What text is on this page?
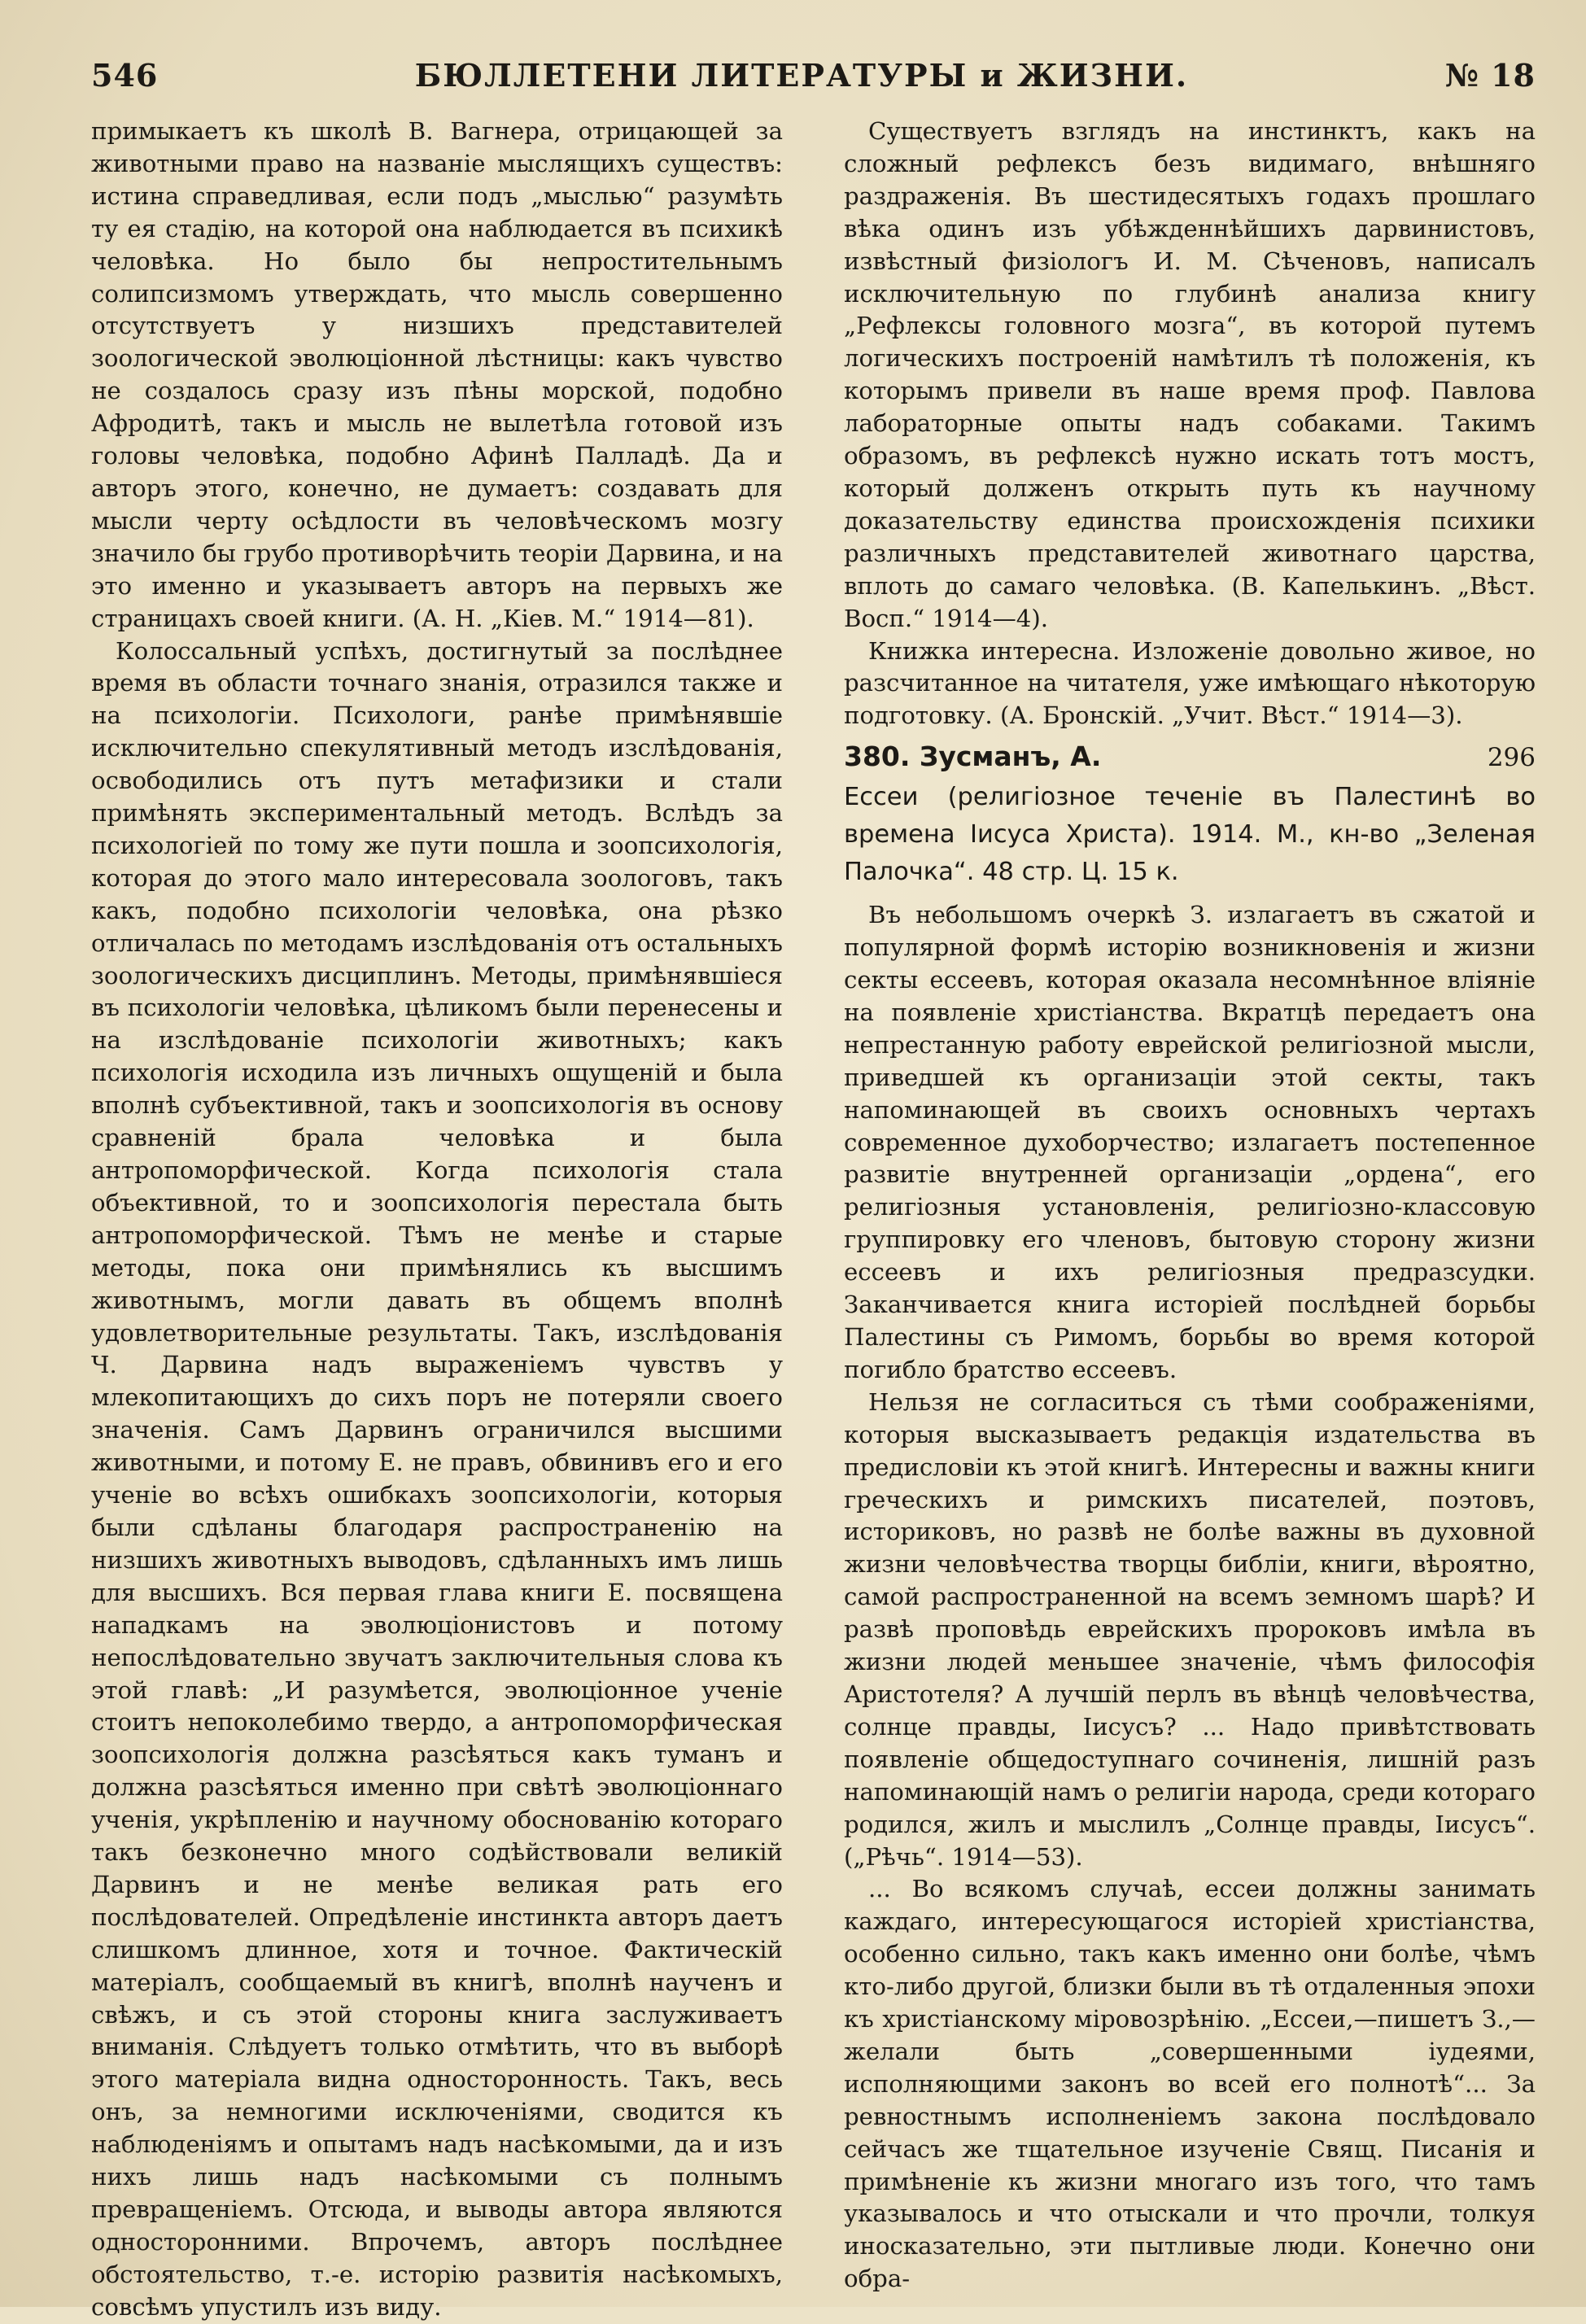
546	БЮЛЛЕТЕНИ ЛИТЕРАТУРЫ и ЖИЗНИ.	№ 18

примыкаетъ къ школѣ В. Вагнера, отрицающей за животными право на названіе мыслящихъ существъ: истина справедливая, если подъ „мыслью“ разумѣть ту ея стадію, на которой она наблюдается въ психикѣ человѣка. Но было бы непростительнымъ солипсизмомъ утверждать, что мысль совершенно отсутствуетъ у низшихъ представителей зоологической эволюціонной лѣстницы: какъ чувство не создалось сразу изъ пѣны морской, подобно Афродитѣ, такъ и мысль не вылетѣла готовой изъ головы человѣка, подобно Афинѣ Палладѣ. Да и авторъ этого, конечно, не думаетъ: создавать для мысли черту осѣдлости въ человѣческомъ мозгу значило бы грубо противорѣчить теоріи Дарвина, и на это именно и указываетъ авторъ на первыхъ же страницахъ своей книги. (А. Н. „Кіев. М.“ 1914—81).

Колоссальный успѣхъ, достигнутый за послѣднее время въ области точнаго знанія, отразился также и на психологіи. Психологи, ранѣе примѣнявшіе исключительно спекулятивный методъ изслѣдованія, освободились отъ путъ метафизики и стали примѣнять экспериментальный методъ. Вслѣдъ за психологіей по тому же пути пошла и зоопсихологія, которая до этого мало интересовала зоологовъ, такъ какъ, подобно психологіи человѣка, она рѣзко отличалась по методамъ изслѣдованія отъ остальныхъ зоологическихъ дисциплинъ. Методы, примѣнявшіеся въ психологіи человѣка, цѣликомъ были перенесены и на изслѣдованіе психологіи животныхъ; какъ психологія исходила изъ личныхъ ощущеній и была вполнѣ субъективной, такъ и зоопсихологія въ основу сравненій брала человѣка и была антропоморфической. Когда психологія стала объективной, то и зоопсихологія перестала быть антропоморфической. Тѣмъ не менѣе и старые методы, пока они примѣнялись къ высшимъ животнымъ, могли давать въ общемъ вполнѣ удовлетворительные результаты. Такъ, изслѣдованія Ч. Дарвина надъ выраженіемъ чувствъ у млекопитающихъ до сихъ поръ не потеряли своего значенія. Самъ Дарвинъ ограничился высшими животными, и потому Е. не правъ, обвинивъ его и его ученіе во всѣхъ ошибкахъ зоопсихологіи, которыя были сдѣланы благодаря распространенію на низшихъ животныхъ выводовъ, сдѣланныхъ имъ лишь для высшихъ. Вся первая глава книги Е. посвящена нападкамъ на эволюціонистовъ и потому непослѣдовательно звучатъ заключительныя слова къ этой главѣ: „И разумѣется, эволюціонное ученіе стоитъ непоколебимо твердо, а антропоморфическая зоопсихологія должна разсѣяться какъ туманъ и должна разсѣяться именно при свѣтѣ эволюціоннаго ученія, укрѣпленію и научному обоснованію котораго такъ безконечно много содѣйствовали великій Дарвинъ и не менѣе великая рать его послѣдователей. Опредѣленіе инстинкта авторъ даетъ слишкомъ длинное, хотя и точное. Фактическій матеріалъ, сообщаемый въ книгѣ, вполнѣ наученъ и свѣжъ, и съ этой стороны книга заслуживаетъ вниманія. Слѣдуетъ только отмѣтить, что въ выборѣ этого матеріала видна односторонность. Такъ, весь онъ, за немногими исключеніями, сводится къ наблюденіямъ и опытамъ надъ насѣкомыми, да и изъ нихъ лишь надъ насѣкомыми съ полнымъ превращеніемъ. Отсюда, и выводы автора являются односторонними. Впрочемъ, авторъ послѣднее обстоятельство, т.-е. исторію развитія насѣкомыхъ, совсѣмъ упустилъ изъ виду.

Существуетъ взглядъ на инстинктъ, какъ на сложный рефлексъ безъ видимаго, внѣшняго раздраженія. Въ шестидесятыхъ годахъ прошлаго вѣка одинъ изъ убѣжденнѣйшихъ дарвинистовъ, извѣстный физіологъ И. М. Сѣченовъ, написалъ исключительную по глубинѣ анализа книгу „Рефлексы головного мозга“, въ которой путемъ логическихъ построеній намѣтилъ тѣ положенія, къ которымъ привели въ наше время проф. Павлова лабораторные опыты надъ собаками. Такимъ образомъ, въ рефлексѣ нужно искать тотъ мостъ, который долженъ открыть путь къ научному доказательству единства происхожденія психики различныхъ представителей животнаго царства, вплоть до самаго человѣка. (В. Капелькинъ. „Вѣст. Восп.“ 1914—4).

Книжка интересна. Изложеніе довольно живое, но разсчитанное на читателя, уже имѣющаго нѣкоторую подготовку. (А. Бронскій. „Учит. Вѣст.“ 1914—3).

380. Зусманъ, А.	296

Ессеи (религіозное теченіе въ Палестинѣ во времена Іисуса Христа). 1914. М., кн-во „Зеленая Палочка“. 48 стр. Ц. 15 к.

Въ небольшомъ очеркѣ З. излагаетъ въ сжатой и популярной формѣ исторію возникновенія и жизни секты ессеевъ, которая оказала несомнѣнное вліяніе на появленіе христіанства. Вкратцѣ передаетъ она непрестанную работу еврейской религіозной мысли, приведшей къ организаціи этой секты, такъ напоминающей въ своихъ основныхъ чертахъ современное духоборчество; излагаетъ постепенное развитіе внутренней организаціи „ордена“, его религіозныя установленія, религіозно-классовую группировку его членовъ, бытовую сторону жизни ессеевъ и ихъ религіозныя предразсудки. Заканчивается книга исторіей послѣдней борьбы Палестины съ Римомъ, борьбы во время которой погибло братство ессеевъ.

Нельзя не согласиться съ тѣми соображеніями, которыя высказываетъ редакція издательства въ предисловіи къ этой книгѣ. Интересны и важны книги греческихъ и римскихъ писателей, поэтовъ, историковъ, но развѣ не болѣе важны въ духовной жизни человѣчества творцы библіи, книги, вѣроятно, самой распространенной на всемъ земномъ шарѣ? И развѣ проповѣдь еврейскихъ пророковъ имѣла въ жизни людей меньшее значеніе, чѣмъ философія Аристотеля? А лучшій перлъ въ вѣнцѣ человѣчества, солнце правды, Іисусъ? ... Надо привѣтствовать появленіе общедоступнаго сочиненія, лишній разъ напоминающій намъ о религіи народа, среди котораго родился, жилъ и мыслилъ „Солнце правды, Іисусъ“. („Рѣчь“. 1914—53).

... Во всякомъ случаѣ, ессеи должны занимать каждаго, интересующагося исторіей христіанства, особенно сильно, такъ какъ именно они болѣе, чѣмъ кто-либо другой, близки были въ тѣ отдаленныя эпохи къ христіанскому міровозрѣнію. „Ессеи,—пишетъ З.,—желали быть „совершенными іудеями, исполняющими законъ во всей его полнотѣ“... За ревностнымъ исполненіемъ закона послѣдовало сейчасъ же тщательное изученіе Свящ. Писанія и примѣненіе къ жизни многаго изъ того, что тамъ указывалось и что отыскали и что прочли, толкуя иносказательно, эти пытливые люди. Конечно они обра-
